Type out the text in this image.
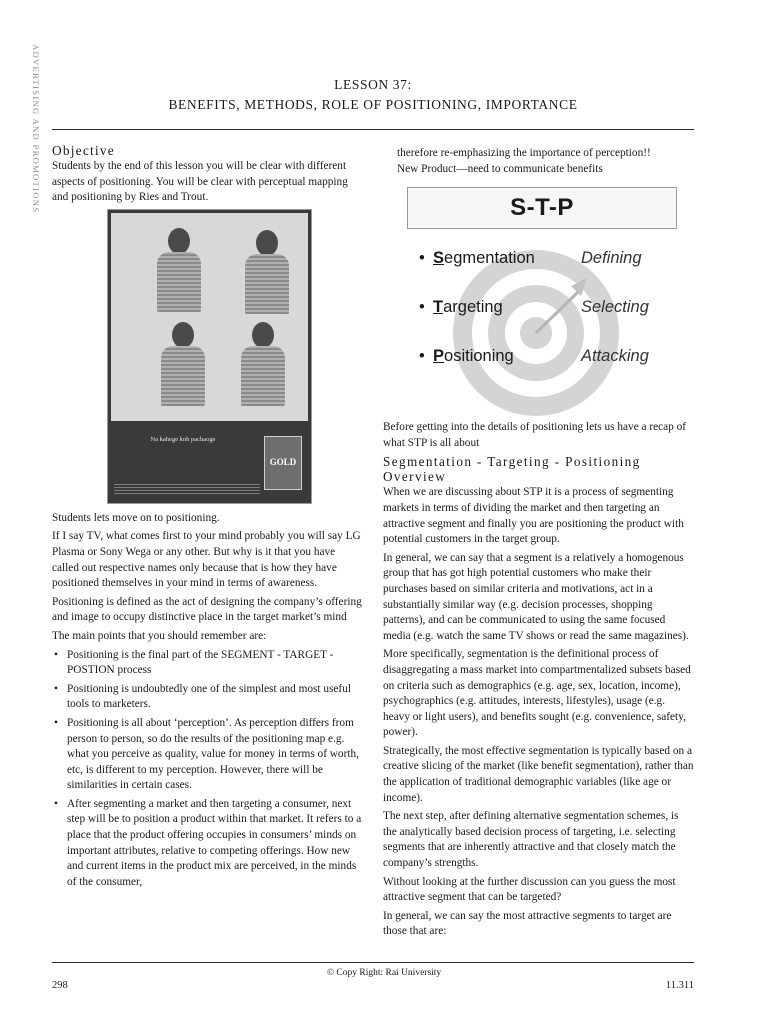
ADVERTISING AND PROMOTIONS	LESSON 37:
BENEFITS, METHODS, ROLE OF POSITIONING, IMPORTANCE
Objective

Students by the end of this lesson you will be clear with different aspects of positioning. You will be clear with perceptual mapping and positioning by Ries and Trout.

Na kahege koh pachaoge
GOLD

Students lets move on to positioning.

If I say TV, what comes first to your mind probably you will say LG Plasma or Sony Wega or any other. But why is it that you have called out respective names only because that is how they have positioned themselves in your mind in terms of awareness.

Positioning is defined as the act of designing the company’s offering and image to occupy distinctive place in the target market’s mind

The main points that you should remember are:

• Positioning is the final part of the SEGMENT - TARGET - POSTION process
• Positioning is undoubtedly one of the simplest and most useful tools to marketers.
• Positioning is all about ‘perception’. As perception differs from person to person, so do the results of the positioning map e.g. what you perceive as quality, value for money in terms of worth, etc, is different to my perception. However, there will be similarities in certain cases.
• After segmenting a market and then targeting a consumer, next step will be to position a product within that market. It refers to a place that the product offering occupies in consumers’ minds on important attributes, relative to competing offerings. How new and current items in the product mix are perceived, in the minds of the consumer,

therefore re-emphasizing the importance of perception!!

New Product—need to communicate benefits

S-T-P
• Segmentation	Defining
• Targeting	Selecting
• Positioning	Attacking

Before getting into the details of positioning lets us have a recap of what STP is all about

Segmentation - Targeting - Positioning Overview

When we are discussing about STP it is a process of segmenting markets in terms of dividing the market and then targeting an attractive segment and finally you are positioning the product with potential customers in the target group.

In general, we can say that a segment is a relatively a homogenous group that has got high potential customers who make their purchases based on similar criteria and motivations, act in a substantially similar way (e.g. decision processes, shopping patterns), and can be communicated to using the same focused media (e.g. watch the same TV shows or read the same magazines).

More specifically, segmentation is the definitional process of disaggregating a mass market into compartmentalized subsets based on criteria such as demographics (e.g. age, sex, location, income), psychographics (e.g. attitudes, interests, lifestyles), usage (e.g. heavy or light users), and benefits sought (e.g. convenience, safety, power).

Strategically, the most effective segmentation is typically based on a creative slicing of the market (like benefit segmentation), rather than the application of traditional demographic variables (like age or income).

The next step, after defining alternative segmentation schemes, is the analytically based decision process of targeting, i.e. selecting segments that are inherently attractive and that closely match the company’s strengths.

Without looking at the further discussion can you guess the most attractive segment that can be targeted?

In general, we can say the most attractive segments to target are those that are:

© Copy Right: Rai University
298	11.311
